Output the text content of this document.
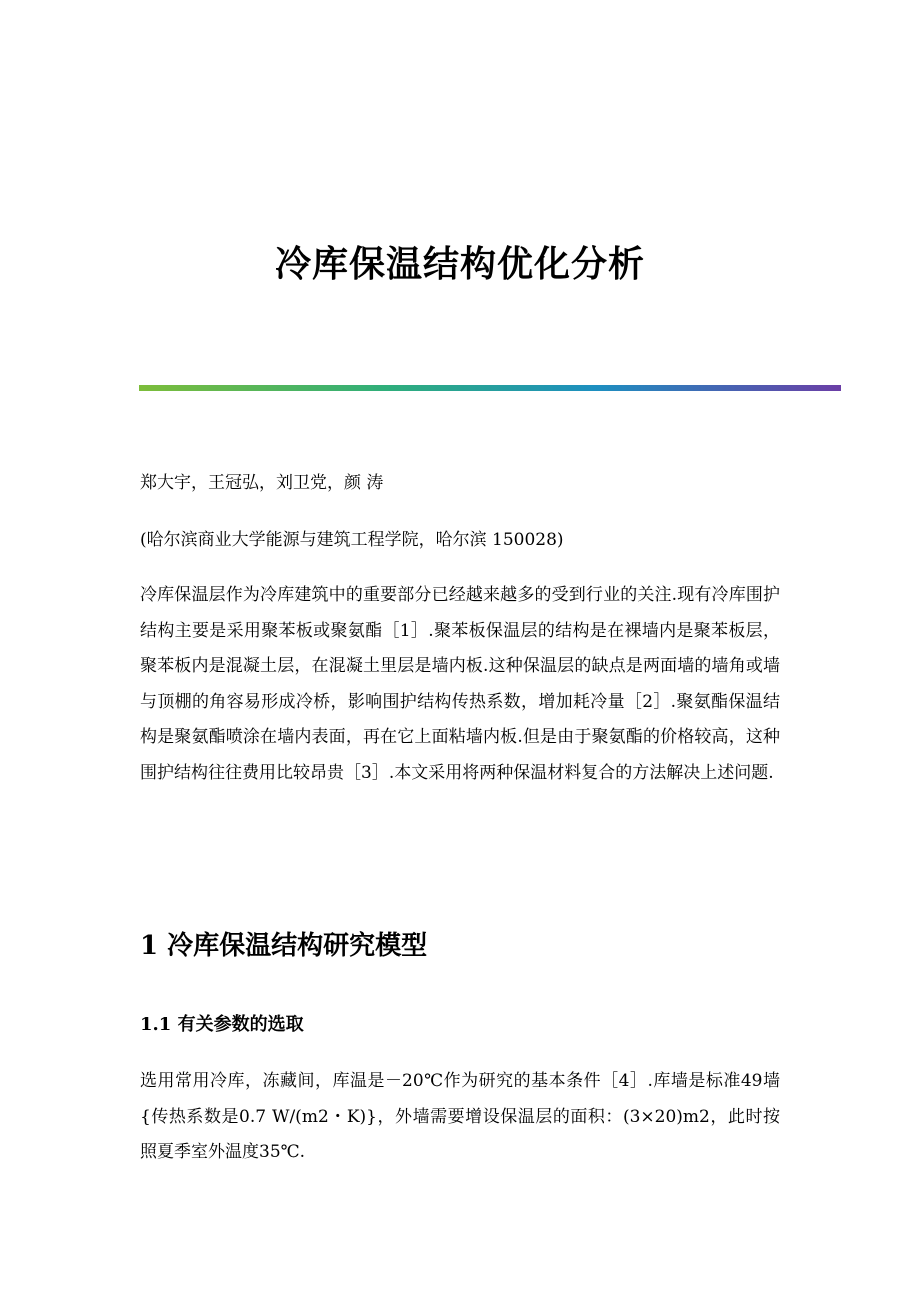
冷库保温结构优化分析

郑大宇，王冠弘，刘卫党，颜 涛

(哈尔滨商业大学能源与建筑工程学院，哈尔滨 150028)

冷库保温层作为冷库建筑中的重要部分已经越来越多的受到行业的关注.现有冷库围护结构主要是采用聚苯板或聚氨酯［1］.聚苯板保温层的结构是在裸墙内是聚苯板层，聚苯板内是混凝土层，在混凝土里层是墙内板.这种保温层的缺点是两面墙的墙角或墙与顶棚的角容易形成冷桥，影响围护结构传热系数，增加耗冷量［2］.聚氨酯保温结构是聚氨酯喷涂在墙内表面，再在它上面粘墙内板.但是由于聚氨酯的价格较高，这种围护结构往往费用比较昂贵［3］.本文采用将两种保温材料复合的方法解决上述问题.

1 冷库保温结构研究模型
1.1 有关参数的选取

选用常用冷库，冻藏间，库温是－20℃作为研究的基本条件［4］.库墙是标准49墙{传热系数是0.7 W/(m2・K)}，外墙需要增设保温层的面积：(3×20)m2，此时按照夏季室外温度35℃.
